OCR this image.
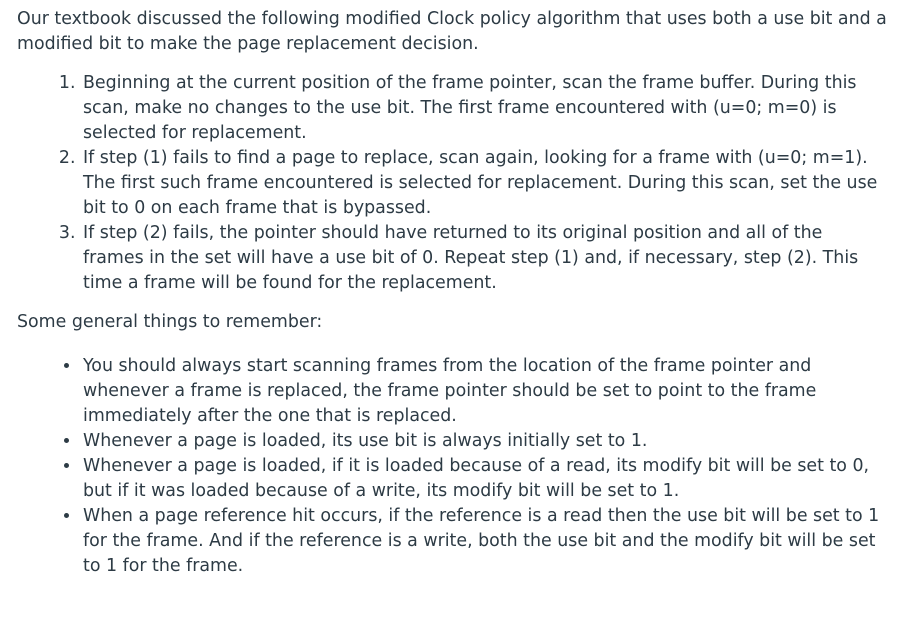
Our textbook discussed the following modified Clock policy algorithm that uses both a use bit and a modified bit to make the page replacement decision.

1. Beginning at the current position of the frame pointer, scan the frame buffer. During this scan, make no changes to the use bit. The first frame encountered with (u=0; m=0) is selected for replacement.
2. If step (1) fails to find a page to replace, scan again, looking for a frame with (u=0; m=1). The first such frame encountered is selected for replacement. During this scan, set the use bit to 0 on each frame that is bypassed.
3. If step (2) fails, the pointer should have returned to its original position and all of the frames in the set will have a use bit of 0. Repeat step (1) and, if necessary, step (2). This time a frame will be found for the replacement.

Some general things to remember:

• You should always start scanning frames from the location of the frame pointer and whenever a frame is replaced, the frame pointer should be set to point to the frame immediately after the one that is replaced.
• Whenever a page is loaded, its use bit is always initially set to 1.
• Whenever a page is loaded, if it is loaded because of a read, its modify bit will be set to 0, but if it was loaded because of a write, its modify bit will be set to 1.
• When a page reference hit occurs, if the reference is a read then the use bit will be set to 1 for the frame. And if the reference is a write, both the use bit and the modify bit will be set to 1 for the frame.
